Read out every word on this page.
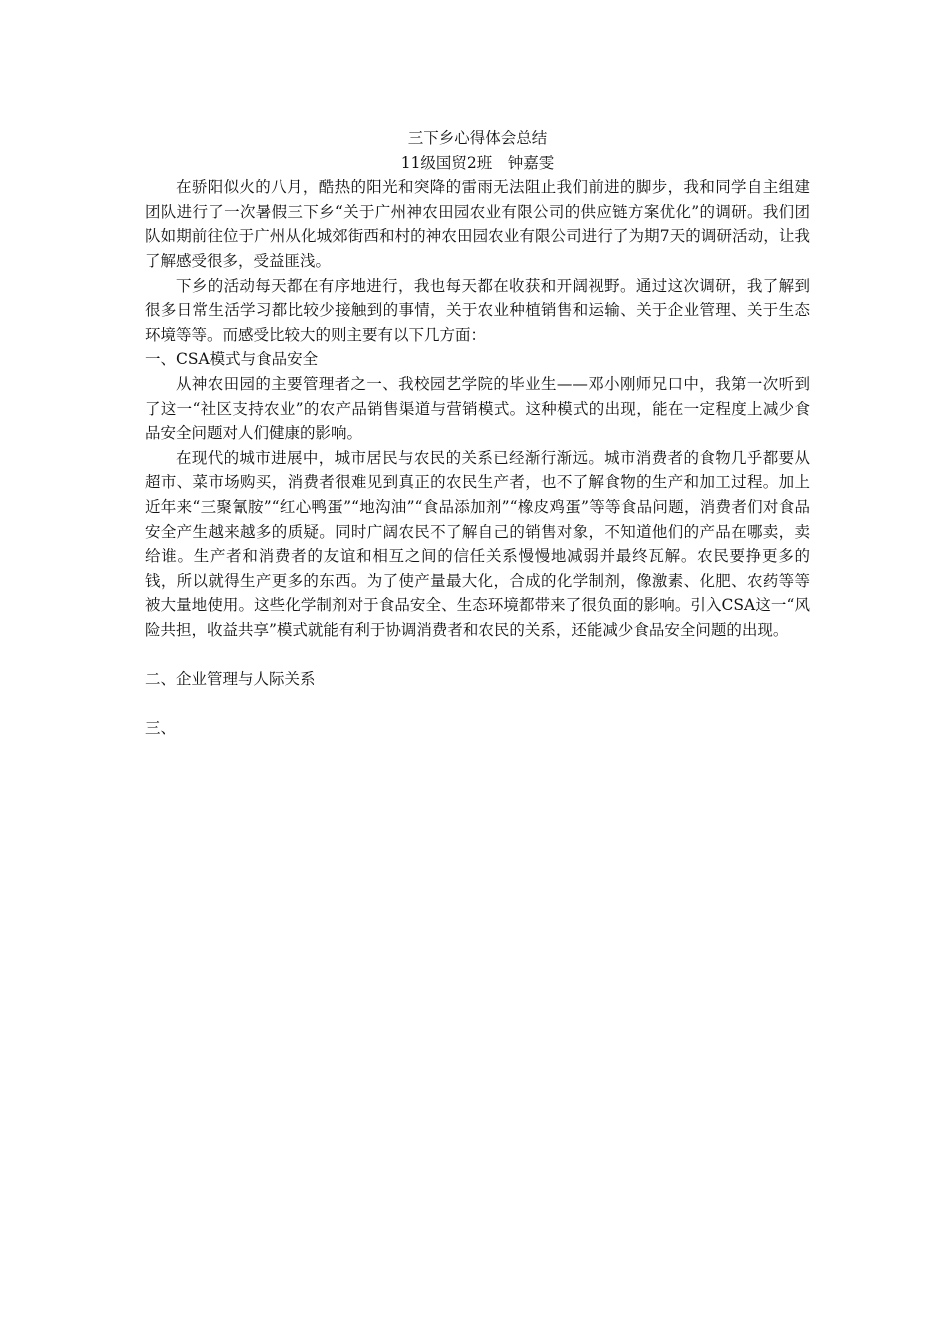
三下乡心得体会总结
11级国贸2班　钟嘉雯

在骄阳似火的八月，酷热的阳光和突降的雷雨无法阻止我们前进的脚步，我和同学自主组建团队进行了一次暑假三下乡“关于广州神农田园农业有限公司的供应链方案优化”的调研。我们团队如期前往位于广州从化城郊街西和村的神农田园农业有限公司进行了为期7天的调研活动，让我了解感受很多，受益匪浅。

下乡的活动每天都在有序地进行，我也每天都在收获和开阔视野。通过这次调研，我了解到很多日常生活学习都比较少接触到的事情，关于农业种植销售和运输、关于企业管理、关于生态环境等等。而感受比较大的则主要有以下几方面：

一、CSA模式与食品安全

从神农田园的主要管理者之一、我校园艺学院的毕业生——邓小刚师兄口中，我第一次听到了这一“社区支持农业”的农产品销售渠道与营销模式。这种模式的出现，能在一定程度上减少食品安全问题对人们健康的影响。

在现代的城市进展中，城市居民与农民的关系已经渐行渐远。城市消费者的食物几乎都要从超市、菜市场购买，消费者很难见到真正的农民生产者，也不了解食物的生产和加工过程。加上近年来“三聚氰胺”“红心鸭蛋”“地沟油”“食品添加剂”“橡皮鸡蛋”等等食品问题，消费者们对食品安全产生越来越多的质疑。同时广阔农民不了解自己的销售对象，不知道他们的产品在哪卖，卖给谁。生产者和消费者的友谊和相互之间的信任关系慢慢地减弱并最终瓦解。农民要挣更多的钱，所以就得生产更多的东西。为了使产量最大化，合成的化学制剂，像激素、化肥、农药等等被大量地使用。这些化学制剂对于食品安全、生态环境都带来了很负面的影响。引入CSA这一“风险共担，收益共享”模式就能有利于协调消费者和农民的关系，还能减少食品安全问题的出现。

二、企业管理与人际关系
三、
